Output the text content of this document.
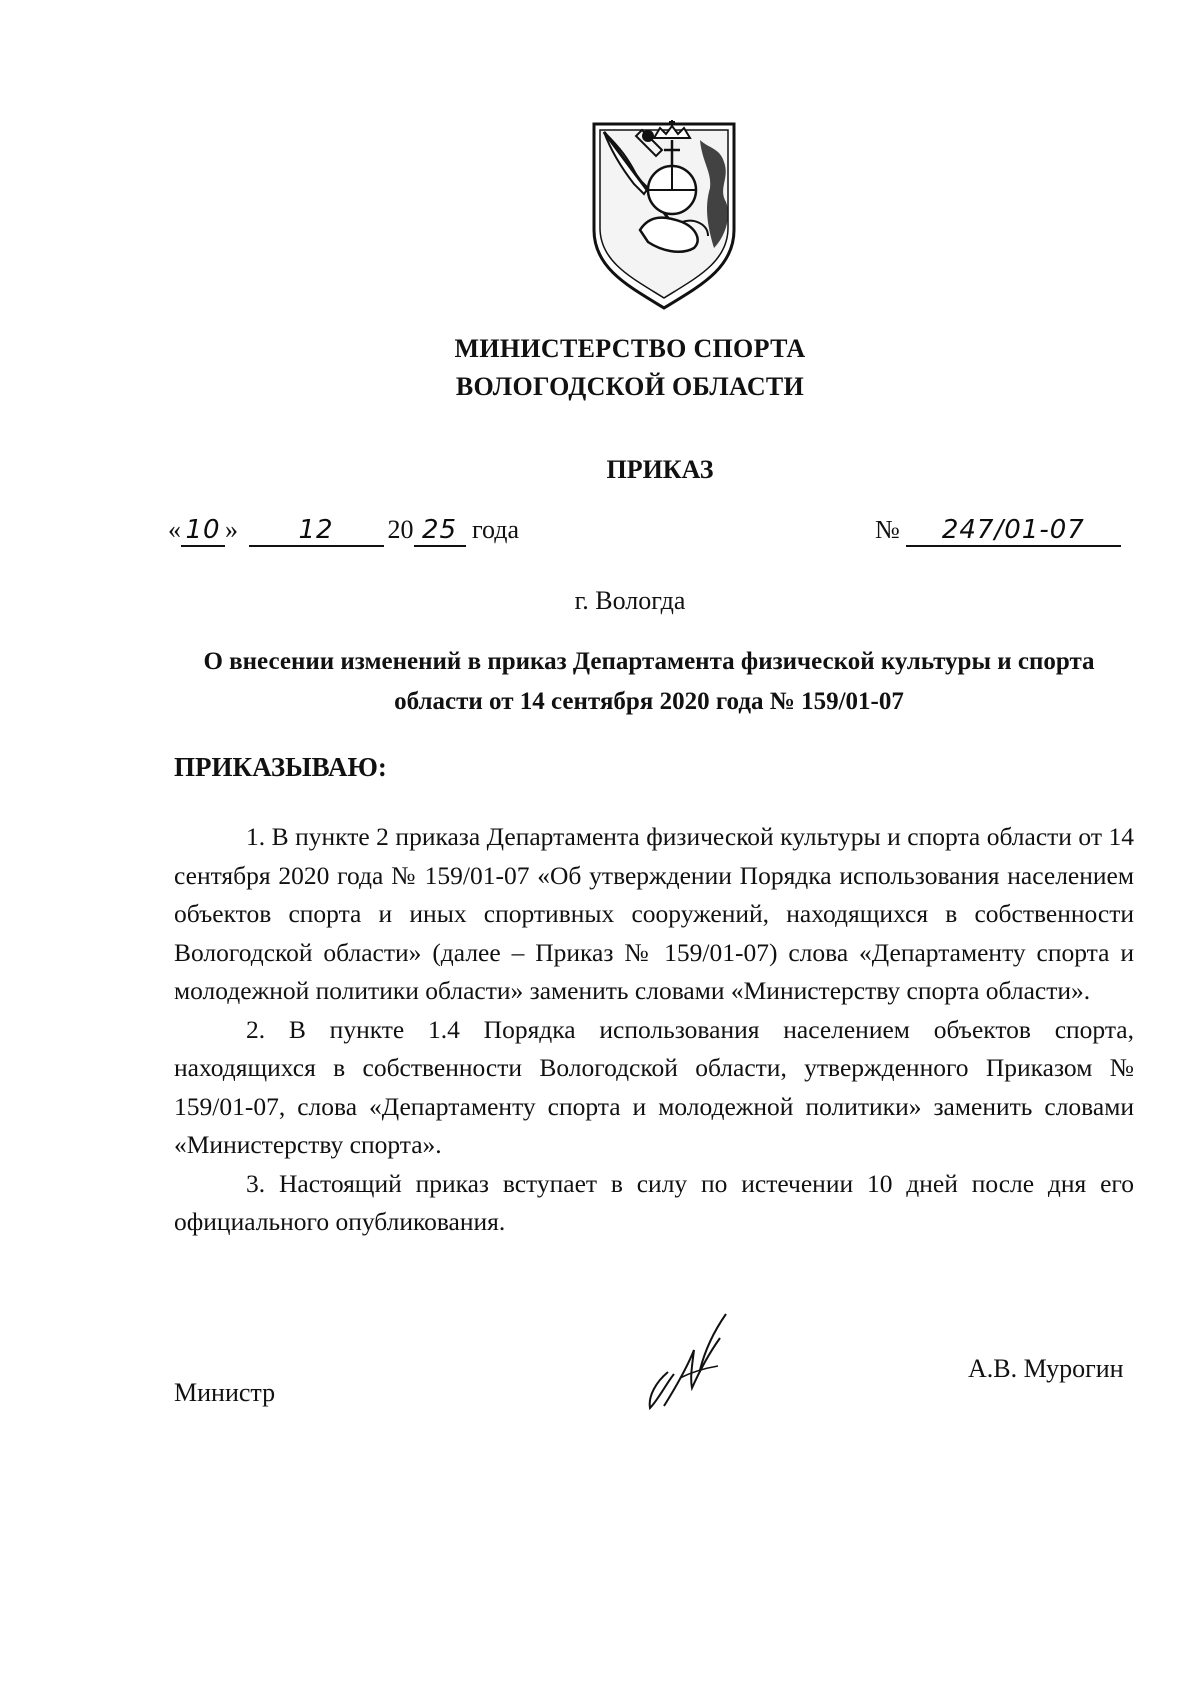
МИНИСТЕРСТВО СПОРТА
ВОЛОГОДСКОЙ ОБЛАСТИ
ПРИКАЗ
« 10 » 12 20 25 года	№ 247/01-07
г. Вологда
О внесении изменений в приказ Департамента физической культуры и спорта области от 14 сентября 2020 года № 159/01-07
ПРИКАЗЫВАЮ:

1. В пункте 2 приказа Департамента физической культуры и спорта области от 14 сентября 2020 года № 159/01-07 «Об утверждении Порядка использования населением объектов спорта и иных спортивных сооружений, находящихся в собственности Вологодской области» (далее – Приказ № 159/01-07) слова «Департаменту спорта и молодежной политики области» заменить словами «Министерству спорта области».

2. В пункте 1.4 Порядка использования населением объектов спорта, находящихся в собственности Вологодской области, утвержденного Приказом № 159/01-07, слова «Департаменту спорта и молодежной политики» заменить словами «Министерству спорта».

3. Настоящий приказ вступает в силу по истечении 10 дней после дня его официального опубликования.

Министр
А.В. Мурогин
